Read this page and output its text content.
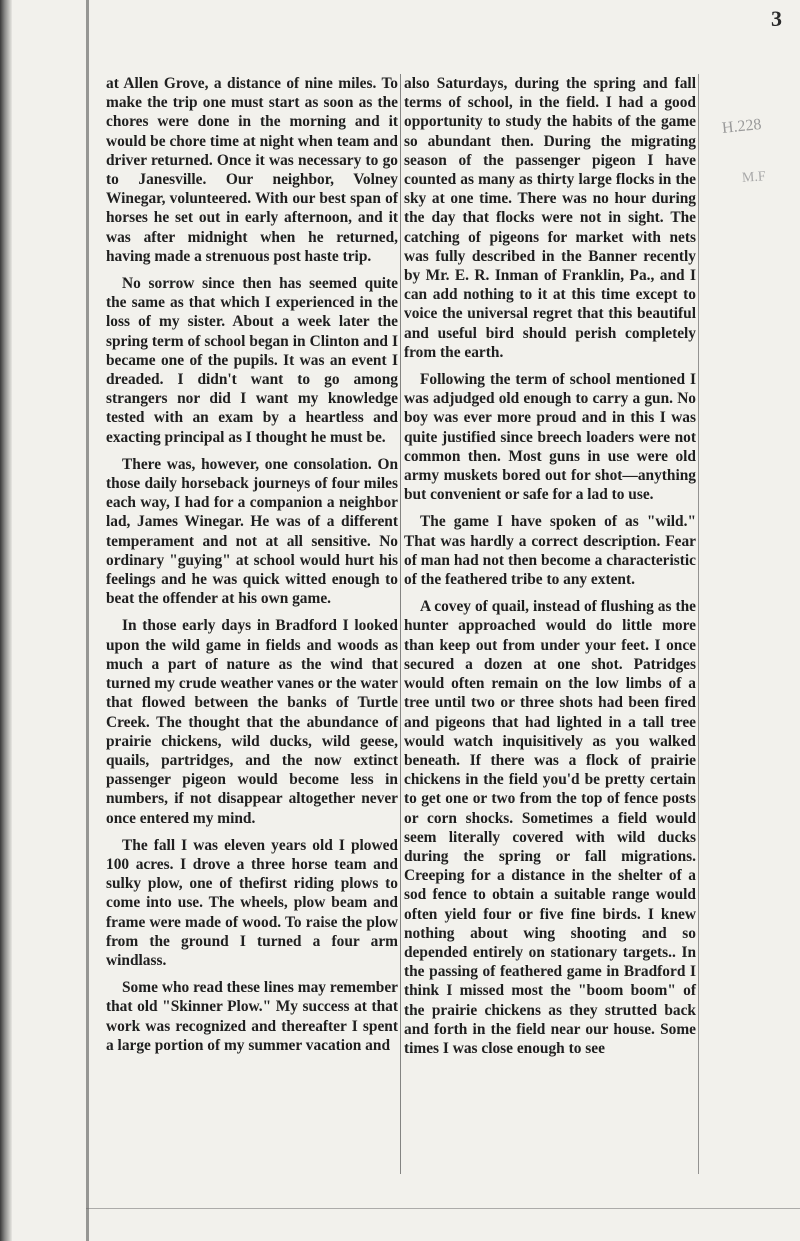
3
H.228
M.F

at Allen Grove, a distance of nine miles. To make the trip one must start as soon as the chores were done in the morning and it would be chore time at night when team and driver returned. Once it was necessary to go to Janesville. Our neighbor, Volney Winegar, volunteered. With our best span of horses he set out in early afternoon, and it was after midnight when he returned, having made a strenuous post haste trip.

No sorrow since then has seemed quite the same as that which I experienced in the loss of my sister. About a week later the spring term of school began in Clinton and I became one of the pupils. It was an event I dreaded. I didn't want to go among strangers nor did I want my knowledge tested with an exam by a heartless and exacting principal as I thought he must be.

There was, however, one consolation. On those daily horseback journeys of four miles each way, I had for a companion a neighbor lad, James Winegar. He was of a different temperament and not at all sensitive. No ordinary "guying" at school would hurt his feelings and he was quick witted enough to beat the offender at his own game.

In those early days in Bradford I looked upon the wild game in fields and woods as much a part of nature as the wind that turned my crude weather vanes or the water that flowed between the banks of Turtle Creek. The thought that the abundance of prairie chickens, wild ducks, wild geese, quails, partridges, and the now extinct passenger pigeon would become less in numbers, if not disappear altogether never once entered my mind.

The fall I was eleven years old I plowed 100 acres. I drove a three horse team and sulky plow, one of thefirst riding plows to come into use. The wheels, plow beam and frame were made of wood. To raise the plow from the ground I turned a four arm windlass.

Some who read these lines may remember that old "Skinner Plow." My success at that work was recognized and thereafter I spent a large portion of my summer vacation and

also Saturdays, during the spring and fall terms of school, in the field. I had a good opportunity to study the habits of the game so abundant then. During the migrating season of the passenger pigeon I have counted as many as thirty large flocks in the sky at one time. There was no hour during the day that flocks were not in sight. The catching of pigeons for market with nets was fully described in the Banner recently by Mr. E. R. Inman of Franklin, Pa., and I can add nothing to it at this time except to voice the universal regret that this beautiful and useful bird should perish completely from the earth.

Following the term of school mentioned I was adjudged old enough to carry a gun. No boy was ever more proud and in this I was quite justified since breech loaders were not common then. Most guns in use were old army muskets bored out for shot—anything but convenient or safe for a lad to use.

The game I have spoken of as "wild." That was hardly a correct description. Fear of man had not then become a characteristic of the feathered tribe to any extent.

A covey of quail, instead of flushing as the hunter approached would do little more than keep out from under your feet. I once secured a dozen at one shot. Patridges would often remain on the low limbs of a tree until two or three shots had been fired and pigeons that had lighted in a tall tree would watch inquisitively as you walked beneath. If there was a flock of prairie chickens in the field you'd be pretty certain to get one or two from the top of fence posts or corn shocks. Sometimes a field would seem literally covered with wild ducks during the spring or fall migrations. Creeping for a distance in the shelter of a sod fence to obtain a suitable range would often yield four or five fine birds. I knew nothing about wing shooting and so depended entirely on stationary targets.. In the passing of feathered game in Bradford I think I missed most the "boom boom" of the prairie chickens as they strutted back and forth in the field near our house. Some times I was close enough to see
